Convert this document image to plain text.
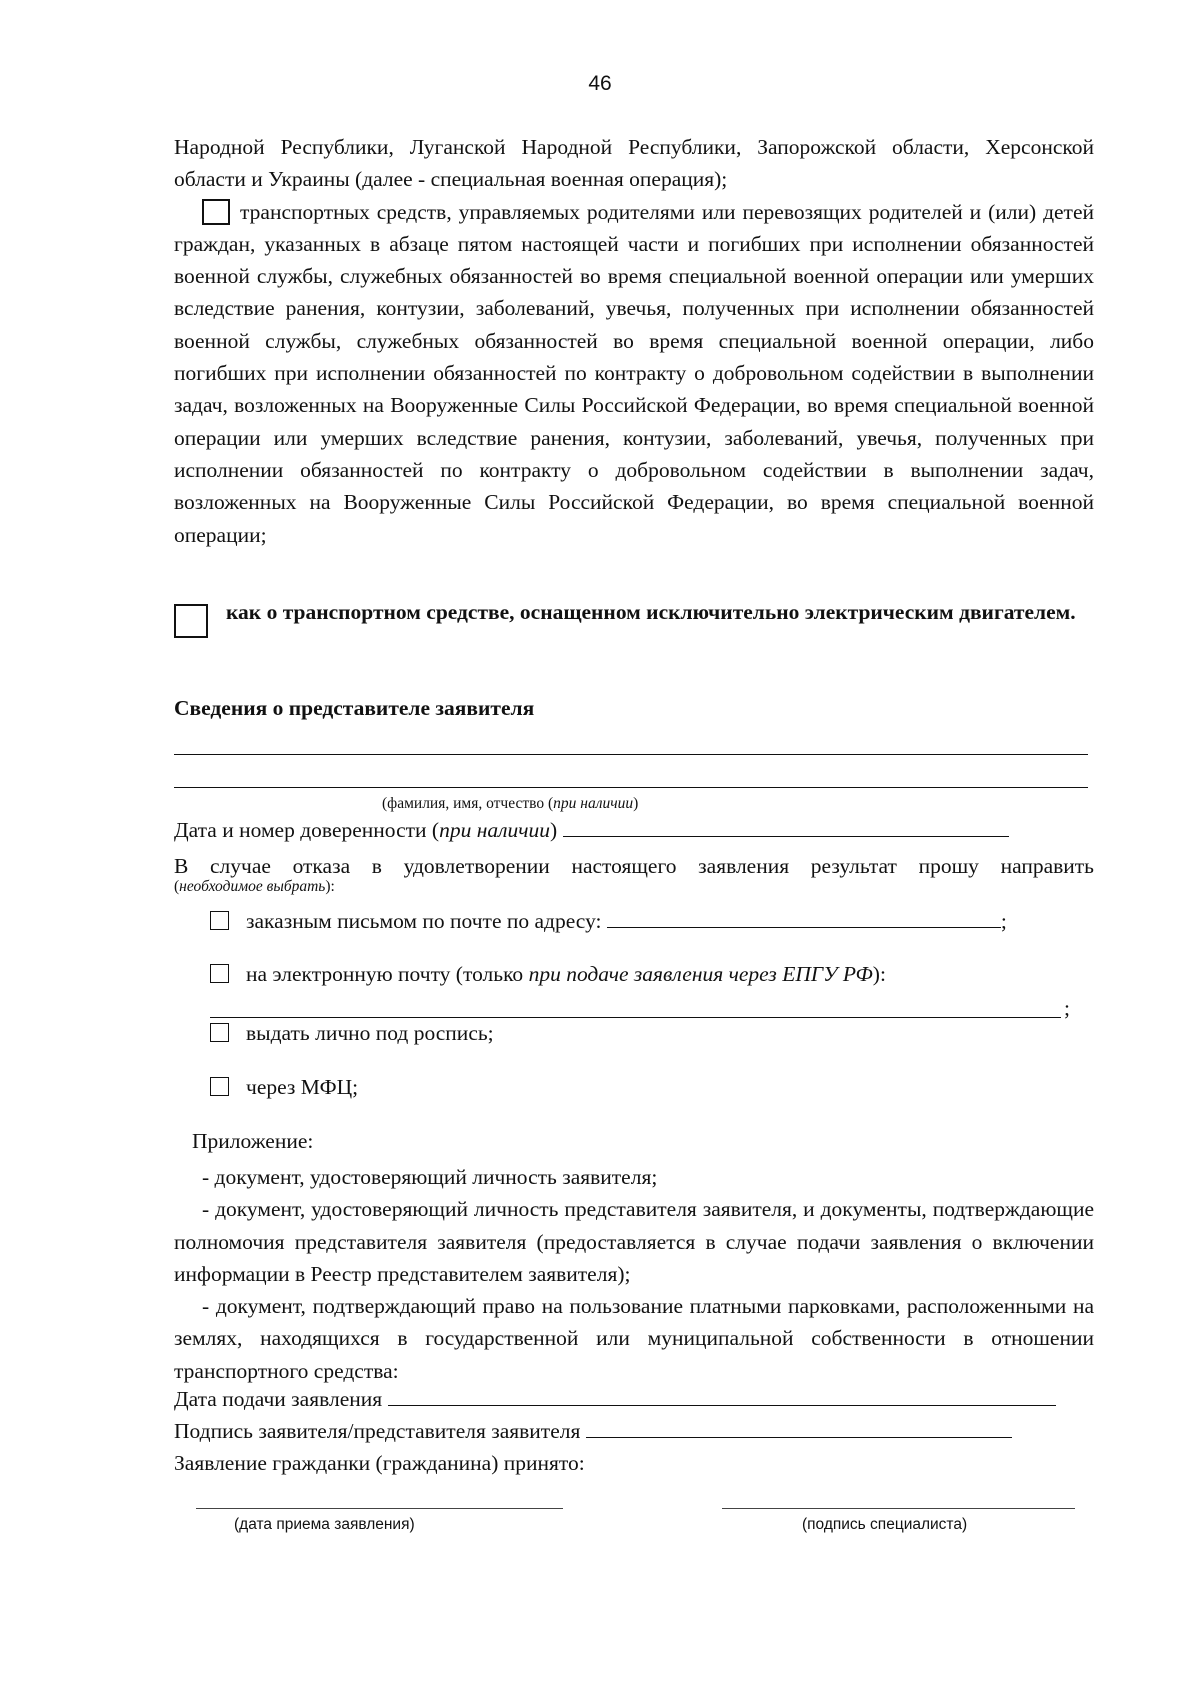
46

Народной Республики, Луганской Народной Республики, Запорожской области, Херсонской области и Украины (далее - специальная военная операция);

транспортных средств, управляемых родителями или перевозящих родителей и (или) детей граждан, указанных в абзаце пятом настоящей части и погибших при исполнении обязанностей военной службы, служебных обязанностей во время специальной военной операции или умерших вследствие ранения, контузии, заболеваний, увечья, полученных при исполнении обязанностей военной службы, служебных обязанностей во время специальной военной операции, либо погибших при исполнении обязанностей по контракту о добровольном содействии в выполнении задач, возложенных на Вооруженные Силы Российской Федерации, во время специальной военной операции или умерших вследствие ранения, контузии, заболеваний, увечья, полученных при исполнении обязанностей по контракту о добровольном содействии в выполнении задач, возложенных на Вооруженные Силы Российской Федерации, во время специальной военной операции;

как о транспортном средстве, оснащенном исключительно электрическим двигателем.

Сведения о представителе заявителя

(фамилия, имя, отчество (при наличии)
Дата и номер доверенности (при наличии)

В случае отказа в удовлетворении настоящего заявления результат прошу направить

(необходимое выбрать):
заказным письмом по почте по адресу:	;
на электронную почту (только при подаче заявления через ЕПГУ РФ):
;
выдать лично под роспись;
через МФЦ;
Приложение:

- документ, удостоверяющий личность заявителя;

- документ, удостоверяющий личность представителя заявителя, и документы, подтверждающие полномочия представителя заявителя (предоставляется в случае подачи заявления о включении информации в Реестр представителем заявителя);

- документ, подтверждающий право на пользование платными парковками, расположенными на землях, находящихся в государственной или муниципальной собственности в отношении транспортного средства:

Дата подачи заявления
Подпись заявителя/представителя заявителя
Заявление гражданки (гражданина) принято:
(дата приема заявления)	(подпись специалиста)
